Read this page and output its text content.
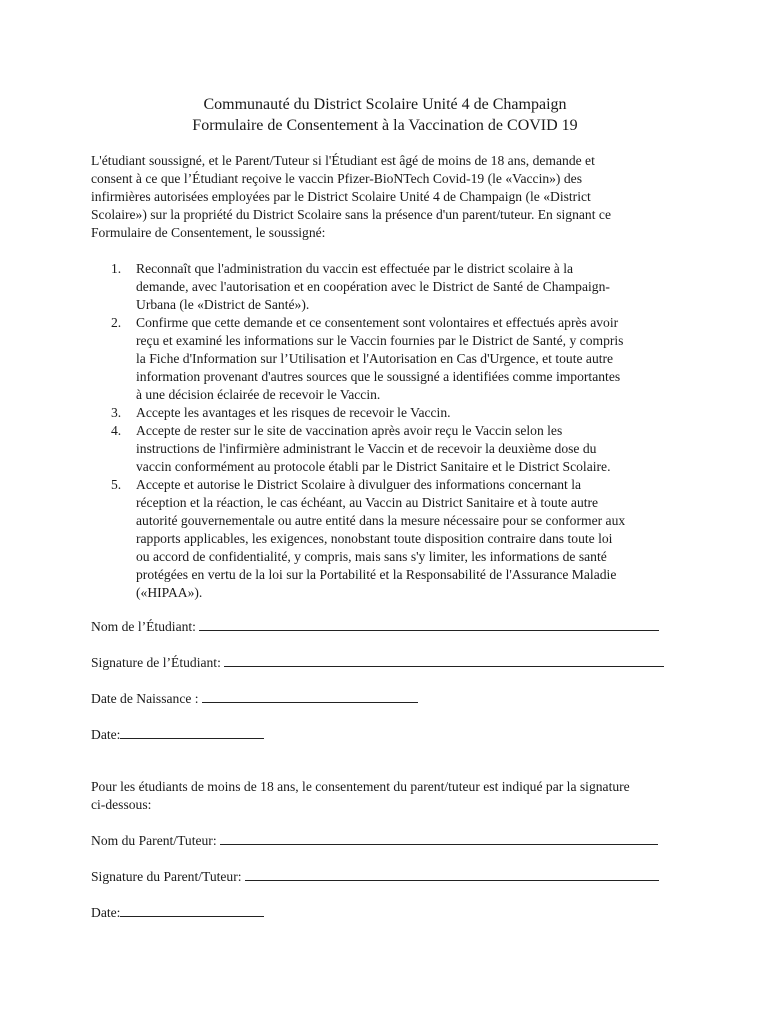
Communauté du District Scolaire Unité 4 de Champaign
Formulaire de Consentement à la Vaccination de COVID 19
L'étudiant soussigné, et le Parent/Tuteur si l'Étudiant est âgé de moins de 18 ans, demande et
consent à ce que l’Étudiant reçoive le vaccin Pfizer-BioNTech Covid-19 (le «Vaccin») des
infirmières autorisées employées par le District Scolaire Unité 4 de Champaign (le «District
Scolaire») sur la propriété du District Scolaire sans la présence d'un parent/tuteur. En signant ce
Formulaire de Consentement, le soussigné:
1. Reconnaît que l'administration du vaccin est effectuée par le district scolaire à la
demande, avec l'autorisation et en coopération avec le District de Santé de Champaign-
Urbana (le «District de Santé»).
2. Confirme que cette demande et ce consentement sont volontaires et effectués après avoir
reçu et examiné les informations sur le Vaccin fournies par le District de Santé, y compris
la Fiche d'Information sur l’Utilisation et l'Autorisation en Cas d'Urgence, et toute autre
information provenant d'autres sources que le soussigné a identifiées comme importantes
à une décision éclairée de recevoir le Vaccin.
3. Accepte les avantages et les risques de recevoir le Vaccin.
4. Accepte de rester sur le site de vaccination après avoir reçu le Vaccin selon les
instructions de l'infirmière administrant le Vaccin et de recevoir la deuxième dose du
vaccin conformément au protocole établi par le District Sanitaire et le District Scolaire.
5. Accepte et autorise le District Scolaire à divulguer des informations concernant la
réception et la réaction, le cas échéant, au Vaccin au District Sanitaire et à toute autre
autorité gouvernementale ou autre entité dans la mesure nécessaire pour se conformer aux
rapports applicables, les exigences, nonobstant toute disposition contraire dans toute loi
ou accord de confidentialité, y compris, mais sans s'y limiter, les informations de santé
protégées en vertu de la loi sur la Portabilité et la Responsabilité de l'Assurance Maladie
(«HIPAA»).
Nom de l’Étudiant:
Signature de l’Étudiant:
Date de Naissance :
Date:
Pour les étudiants de moins de 18 ans, le consentement du parent/tuteur est indiqué par la signature
ci-dessous:
Nom du Parent/Tuteur:
Signature du Parent/Tuteur:
Date:
